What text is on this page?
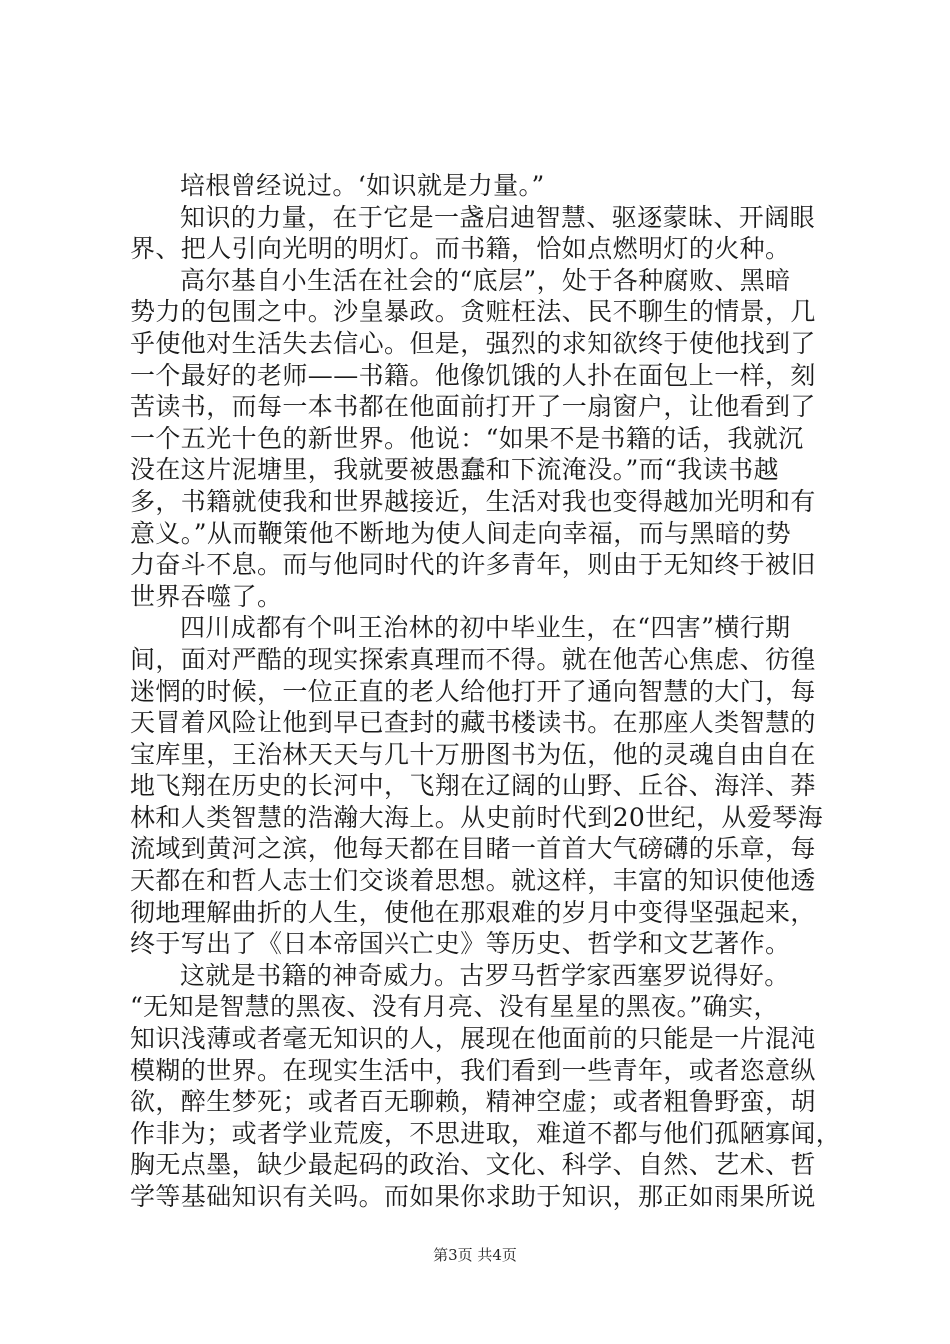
培根曾经说过。‘如识就是力量。”
知识的力量，在于它是一盏启迪智慧、驱逐蒙昧、开阔眼
界、把人引向光明的明灯。而书籍，恰如点燃明灯的火种。
高尔基自小生活在社会的“底层”，处于各种腐败、黑暗
势力的包围之中。沙皇暴政。贪赃枉法、民不聊生的情景，几
乎使他对生活失去信心。但是，强烈的求知欲终于使他找到了
一个最好的老师——书籍。他像饥饿的人扑在面包上一样，刻
苦读书，而每一本书都在他面前打开了一扇窗户，让他看到了
一个五光十色的新世界。他说：“如果不是书籍的话，我就沉
没在这片泥塘里，我就要被愚蠢和下流淹没。”而“我读书越
多，书籍就使我和世界越接近，生活对我也变得越加光明和有
意义。”从而鞭策他不断地为使人间走向幸福，而与黑暗的势
力奋斗不息。而与他同时代的许多青年，则由于无知终于被旧
世界吞噬了。
四川成都有个叫王治林的初中毕业生，在“四害”横行期
间，面对严酷的现实探索真理而不得。就在他苦心焦虑、彷徨
迷惘的时候，一位正直的老人给他打开了通向智慧的大门，每
天冒着风险让他到早已查封的藏书楼读书。在那座人类智慧的
宝库里，王治林天天与几十万册图书为伍，他的灵魂自由自在
地飞翔在历史的长河中，飞翔在辽阔的山野、丘谷、海洋、莽
林和人类智慧的浩瀚大海上。从史前时代到20世纪，从爱琴海
流域到黄河之滨，他每天都在目睹一首首大气磅礴的乐章，每
天都在和哲人志士们交谈着思想。就这样，丰富的知识使他透
彻地理解曲折的人生，使他在那艰难的岁月中变得坚强起来，
终于写出了《日本帝国兴亡史》等历史、哲学和文艺著作。
这就是书籍的神奇威力。古罗马哲学家西塞罗说得好。
“无知是智慧的黑夜、没有月亮、没有星星的黑夜。”确实，
知识浅薄或者毫无知识的人，展现在他面前的只能是一片混沌
模糊的世界。在现实生活中，我们看到一些青年，或者恣意纵
欲，醉生梦死；或者百无聊赖，精神空虚；或者粗鲁野蛮，胡
作非为；或者学业荒废，不思进取，难道不都与他们孤陋寡闻，
胸无点墨，缺少最起码的政治、文化、科学、自然、艺术、哲
学等基础知识有关吗。而如果你求助于知识，那正如雨果所说
第3页 共4页
